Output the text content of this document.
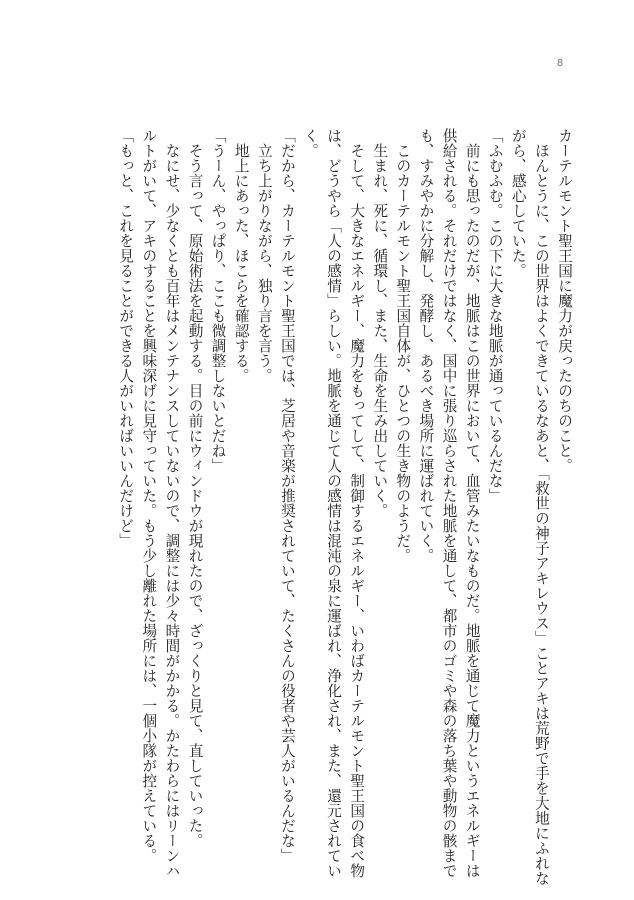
8
カーテルモント聖王国に魔力が戻ったのちのこと。
　ほんとうに、この世界はよくできているなあと、「救世の神子アキレウス」ことアキは荒野で手を大地にふれな
がら、感心していた。
「ふむふむ。この下に大きな地脈が通っているんだな」
　前にも思ったのだが、地脈はこの世界において、血管みたいなものだ。地脈を通じて魔力というエネルギーは
供給される。それだけではなく、国中に張り巡らされた地脈を通して、都市のゴミや森の落ち葉や動物の骸まで
も、すみやかに分解し、発酵し、あるべき場所に運ばれていく。
　このカーテルモント聖王国自体が、ひとつの生き物のようだ。
　生まれ、死に、循環し、また、生命を生み出していく。
　そして、大きなエネルギー、魔力をもってして、制御するエネルギー、いわばカーテルモント聖王国の食べ物
は、どうやら「人の感情」らしい。地脈を通じて人の感情は混沌の泉に運ばれ、浄化され、また、還元されてい
く。
「だから、カーテルモント聖王国では、芝居や音楽が推奨されていて、たくさんの役者や芸人がいるんだな」
　立ち上がりながら、独り言を言う。
　地上にあった、ほこらを確認する。
「うーん、やっぱり、ここも微調整しないとだね」
　そう言って、原始術法を起動する。目の前にウィンドウが現れたので、ざっくりと見て、直していった。
　なにせ、少なくとも百年はメンテナンスしていないので、調整には少々時間がかかる。かたわらにはリーンハ
ルトがいて、アキのすることを興味深げに見守っていた。もう少し離れた場所には、一個小隊が控えている。
「もっと、これを見ることができる人がいればいいんだけど」
